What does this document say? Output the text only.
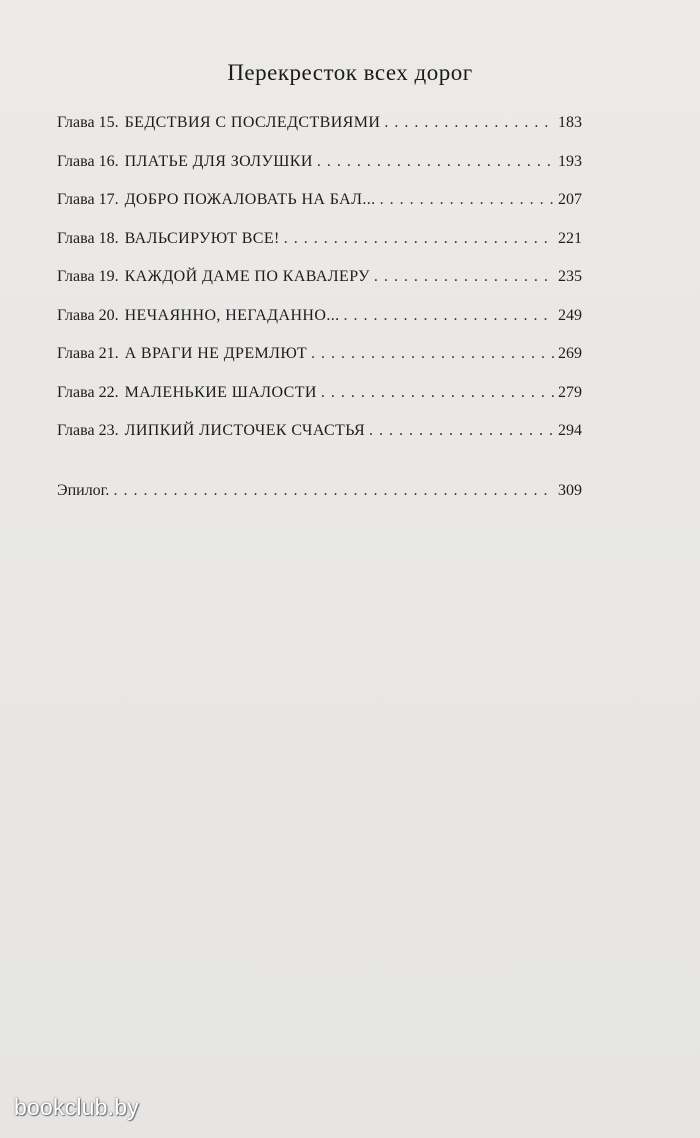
Перекресток всех дорог
Глава 15. БЕДСТВИЯ С ПОСЛЕДСТВИЯМИ . . .	183
Глава 16. ПЛАТЬЕ ДЛЯ ЗОЛУШКИ . . .	193
Глава 17. ДОБРО ПОЖАЛОВАТЬ НА БАЛ... . . .	207
Глава 18. ВАЛЬСИРУЮТ ВСЕ! . . .	221
Глава 19. КАЖДОЙ ДАМЕ ПО КАВАЛЕРУ . . .	235
Глава 20. НЕЧАЯННО, НЕГАДАННО... . . .	249
Глава 21. А ВРАГИ НЕ ДРЕМЛЮТ . . .	269
Глава 22. МАЛЕНЬКИЕ ШАЛОСТИ . . .	279
Глава 23. ЛИПКИЙ ЛИСТОЧЕК СЧАСТЬЯ . . .	294
Эпилог. . . .	309
bookclub.by
